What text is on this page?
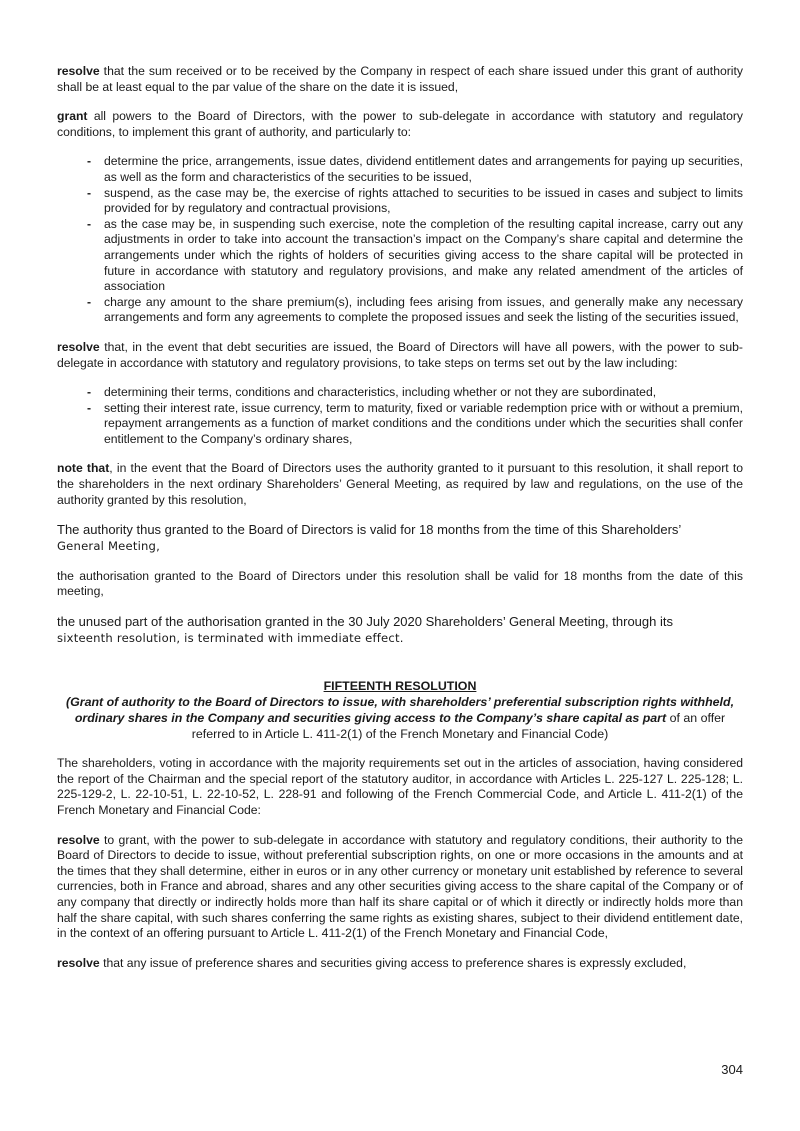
resolve that the sum received or to be received by the Company in respect of each share issued under this grant of authority shall be at least equal to the par value of the share on the date it is issued,

grant all powers to the Board of Directors, with the power to sub-delegate in accordance with statutory and regulatory conditions, to implement this grant of authority, and particularly to:

- determine the price, arrangements, issue dates, dividend entitlement dates and arrangements for paying up securities, as well as the form and characteristics of the securities to be issued,
- suspend, as the case may be, the exercise of rights attached to securities to be issued in cases and subject to limits provided for by regulatory and contractual provisions,
- as the case may be, in suspending such exercise, note the completion of the resulting capital increase, carry out any adjustments in order to take into account the transaction’s impact on the Company’s share capital and determine the arrangements under which the rights of holders of securities giving access to the share capital will be protected in future in accordance with statutory and regulatory provisions, and make any related amendment of the articles of association
- charge any amount to the share premium(s), including fees arising from issues, and generally make any necessary arrangements and form any agreements to complete the proposed issues and seek the listing of the securities issued,

resolve that, in the event that debt securities are issued, the Board of Directors will have all powers, with the power to sub-delegate in accordance with statutory and regulatory provisions, to take steps on terms set out by the law including:

- determining their terms, conditions and characteristics, including whether or not they are subordinated,
- setting their interest rate, issue currency, term to maturity, fixed or variable redemption price with or without a premium, repayment arrangements as a function of market conditions and the conditions under which the securities shall confer entitlement to the Company’s ordinary shares,

note that, in the event that the Board of Directors uses the authority granted to it pursuant to this resolution, it shall report to the shareholders in the next ordinary Shareholders’ General Meeting, as required by law and regulations, on the use of the authority granted by this resolution,

The authority thus granted to the Board of Directors is valid for 18 months from the time of this Shareholders’
General Meeting,

the authorisation granted to the Board of Directors under this resolution shall be valid for 18 months from the date of this meeting,

the unused part of the authorisation granted in the 30 July 2020 Shareholders’ General Meeting, through its
sixteenth resolution, is terminated with immediate effect.

FIFTEENTH RESOLUTION
(Grant of authority to the Board of Directors to issue, with shareholders’ preferential subscription rights withheld, ordinary shares in the Company and securities giving access to the Company’s share capital as part of an offer referred to in Article L. 411-2(1) of the French Monetary and Financial Code)

The shareholders, voting in accordance with the majority requirements set out in the articles of association, having considered the report of the Chairman and the special report of the statutory auditor, in accordance with Articles L. 225-127 L. 225-128; L. 225-129-2, L. 22-10-51, L. 22-10-52, L. 228-91 and following of the French Commercial Code, and Article L. 411-2(1) of the French Monetary and Financial Code:

resolve to grant, with the power to sub-delegate in accordance with statutory and regulatory conditions, their authority to the Board of Directors to decide to issue, without preferential subscription rights, on one or more occasions in the amounts and at the times that they shall determine, either in euros or in any other currency or monetary unit established by reference to several currencies, both in France and abroad, shares and any other securities giving access to the share capital of the Company or of any company that directly or indirectly holds more than half its share capital or of which it directly or indirectly holds more than half the share capital, with such shares conferring the same rights as existing shares, subject to their dividend entitlement date, in the context of an offering pursuant to Article L. 411-2(1) of the French Monetary and Financial Code,

resolve that any issue of preference shares and securities giving access to preference shares is expressly excluded,

304
